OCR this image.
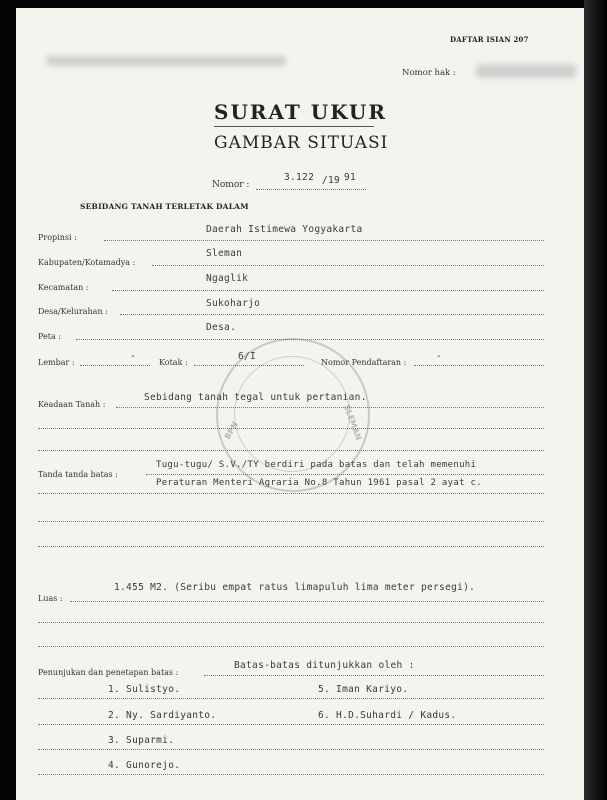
DAFTAR ISIAN 207
Nomor hak :
SURAT UKUR
GAMBAR SITUASI
Nomor :
3.122 /19 91
SEBIDANG TANAH TERLETAK DALAM
Propinsi :
Daerah Istimewa Yogyakarta
Kabupaten/Kotamadya :
Sleman
Kecamatan :
Ngaglik
Desa/Kelurahan :
Sukoharjo
Peta :
Desa.
Lembar :
-
Kotak :
6/I
Nomor Pendaftaran :
-
Keadaan Tanah :
Sebidang tanah tegal untuk pertanian.
Tanda tanda batas :
Tugu-tugu/ S.V./TY berdiri pada batas dan telah memenuhi
Peraturan Menteri Agraria No.8 Tahun 1961 pasal 2 ayat c.
Luas :
1.455 M2. (Seribu empat ratus limapuluh lima meter persegi).
Penunjukan dan penetapan batas :
Batas-batas ditunjukkan oleh :
1. Sulistyo.	5. Iman Kariyo.
2. Ny. Sardiyanto.	6. H.D.Suhardi / Kadus.
3. Suparmi.
4. Gunorejo.
BPN	SLEMAN
